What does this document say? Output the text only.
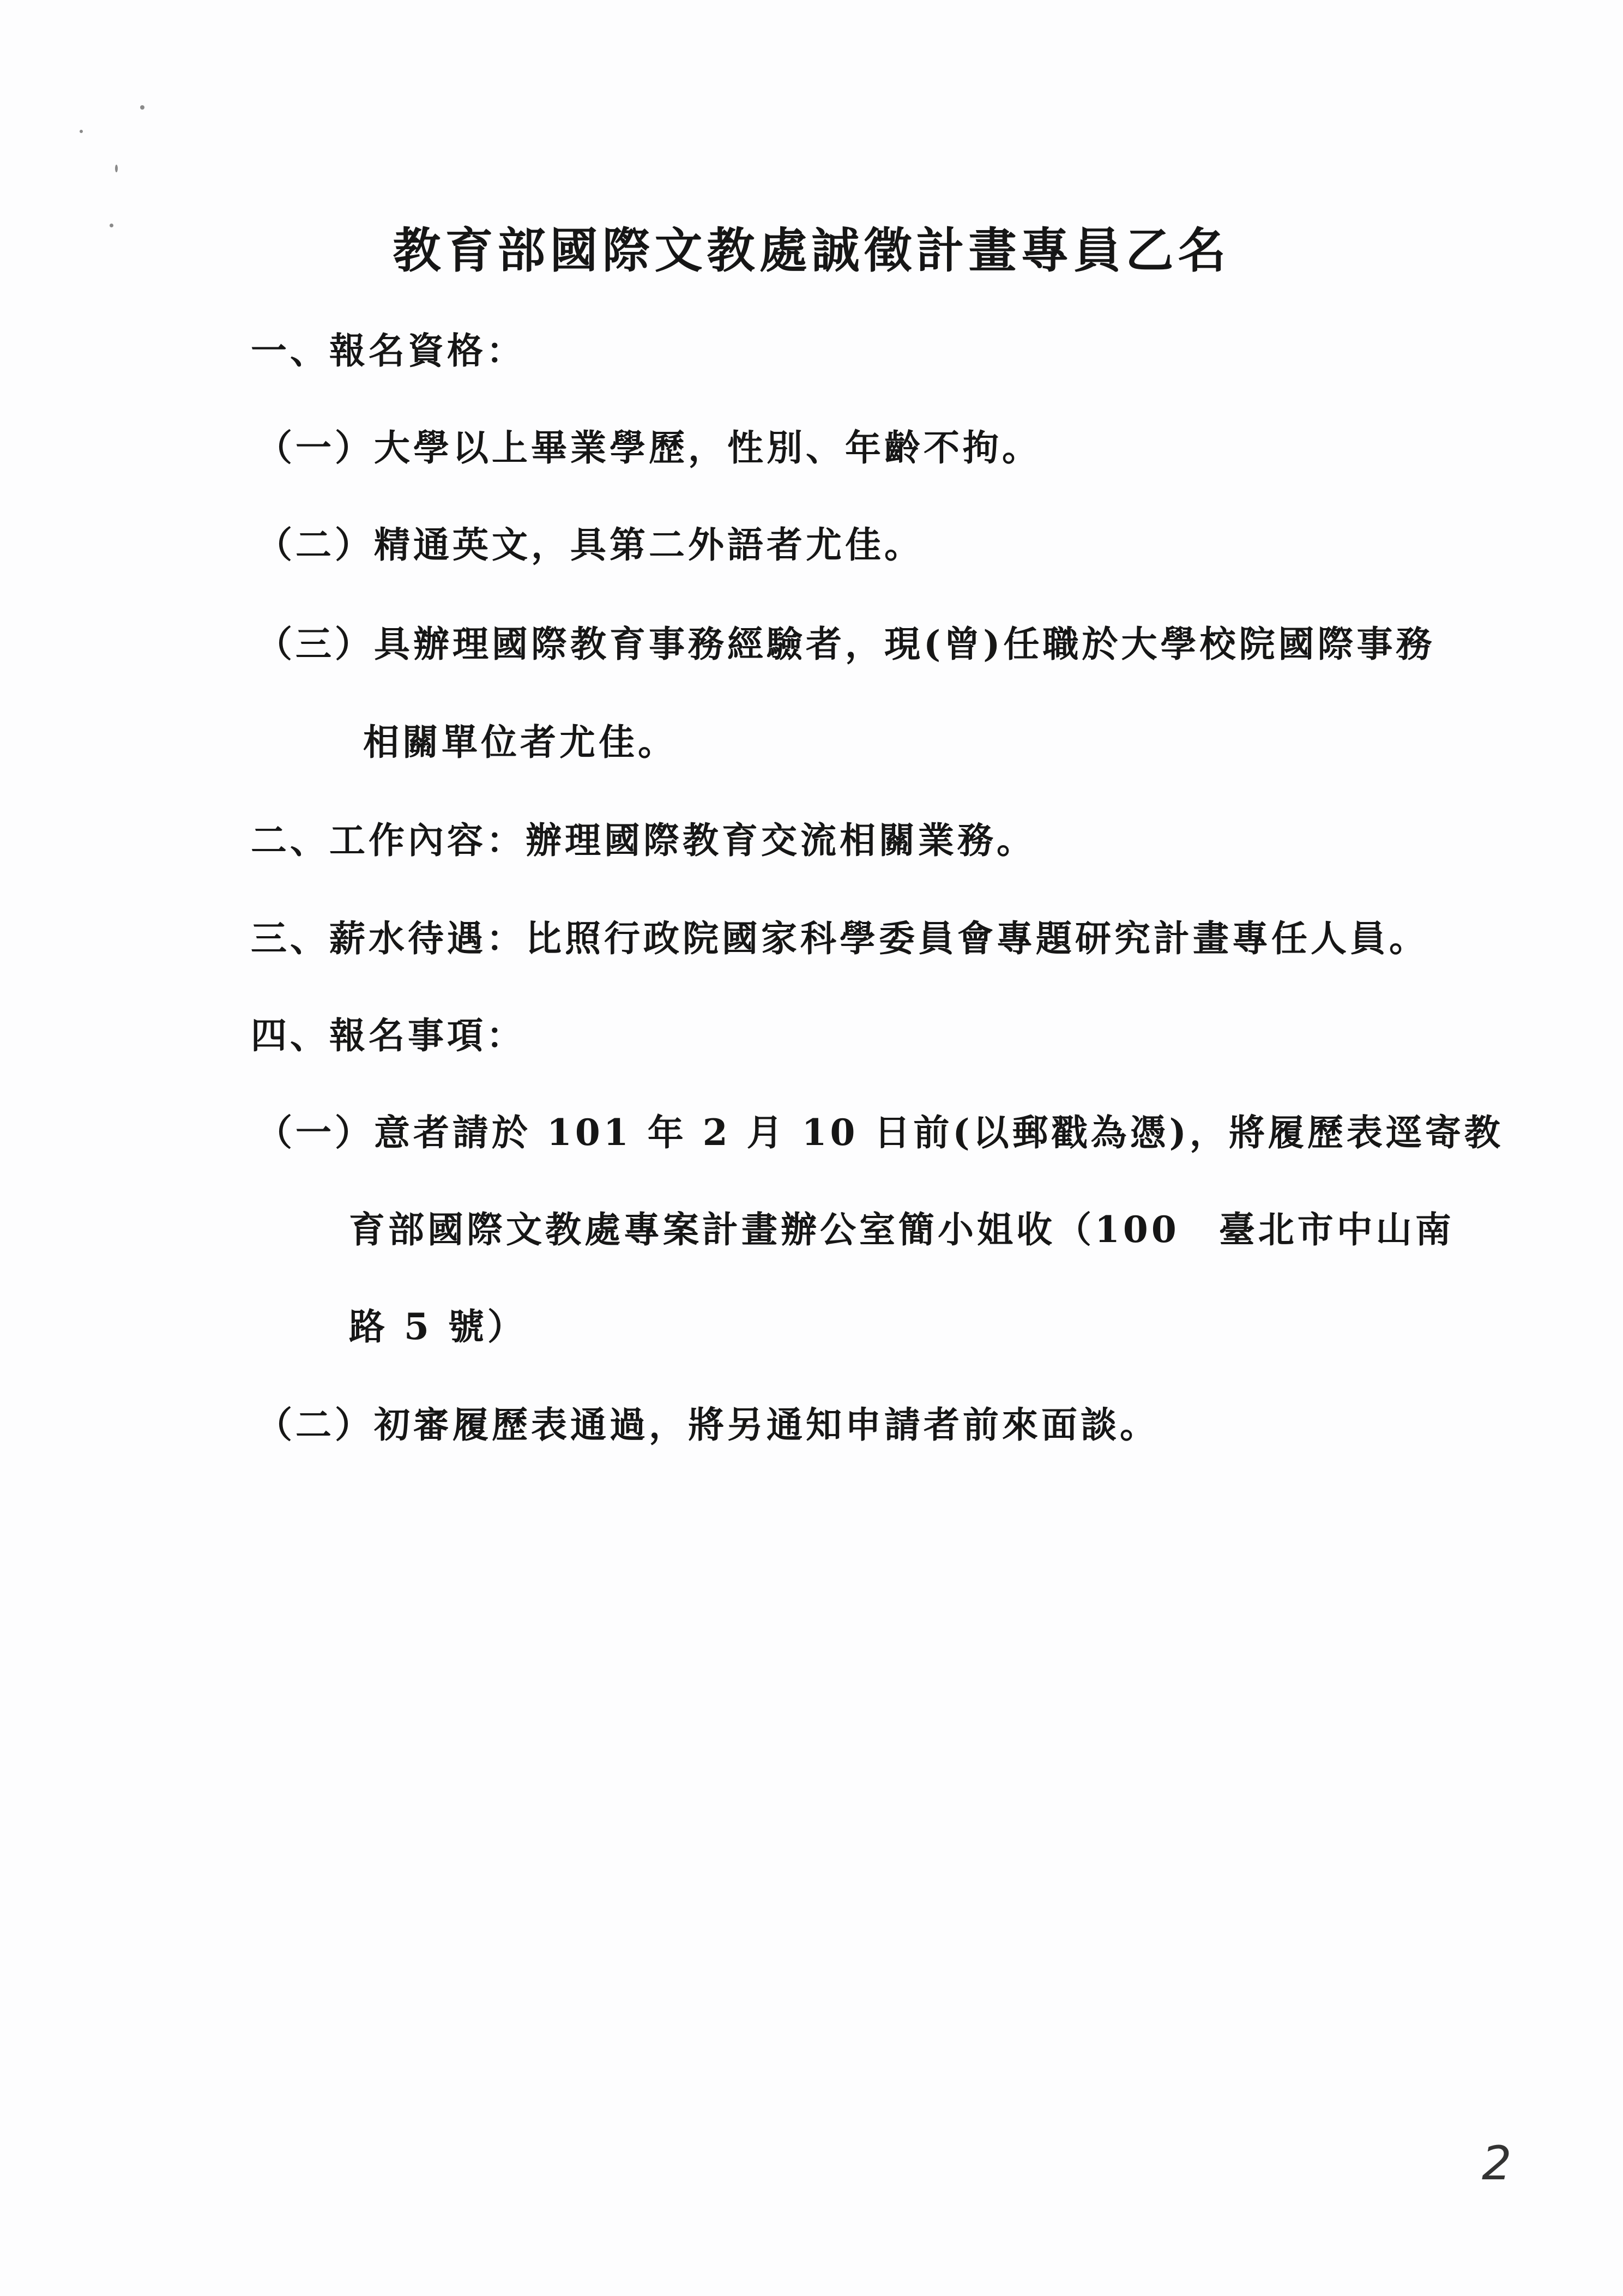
教育部國際文教處誠徵計畫專員乙名
一、報名資格：
（一）大學以上畢業學歷，性別、年齡不拘。
（二）精通英文，具第二外語者尤佳。
（三）具辦理國際教育事務經驗者，現(曾)任職於大學校院國際事務
相關單位者尤佳。
二、工作內容：辦理國際教育交流相關業務。
三、薪水待遇：比照行政院國家科學委員會專題研究計畫專任人員。
四、報名事項：
（一）意者請於 101 年 2 月 10 日前(以郵戳為憑)，將履歷表逕寄教
育部國際文教處專案計畫辦公室簡小姐收（100　臺北市中山南
路 5 號）
（二）初審履歷表通過，將另通知申請者前來面談。
2
